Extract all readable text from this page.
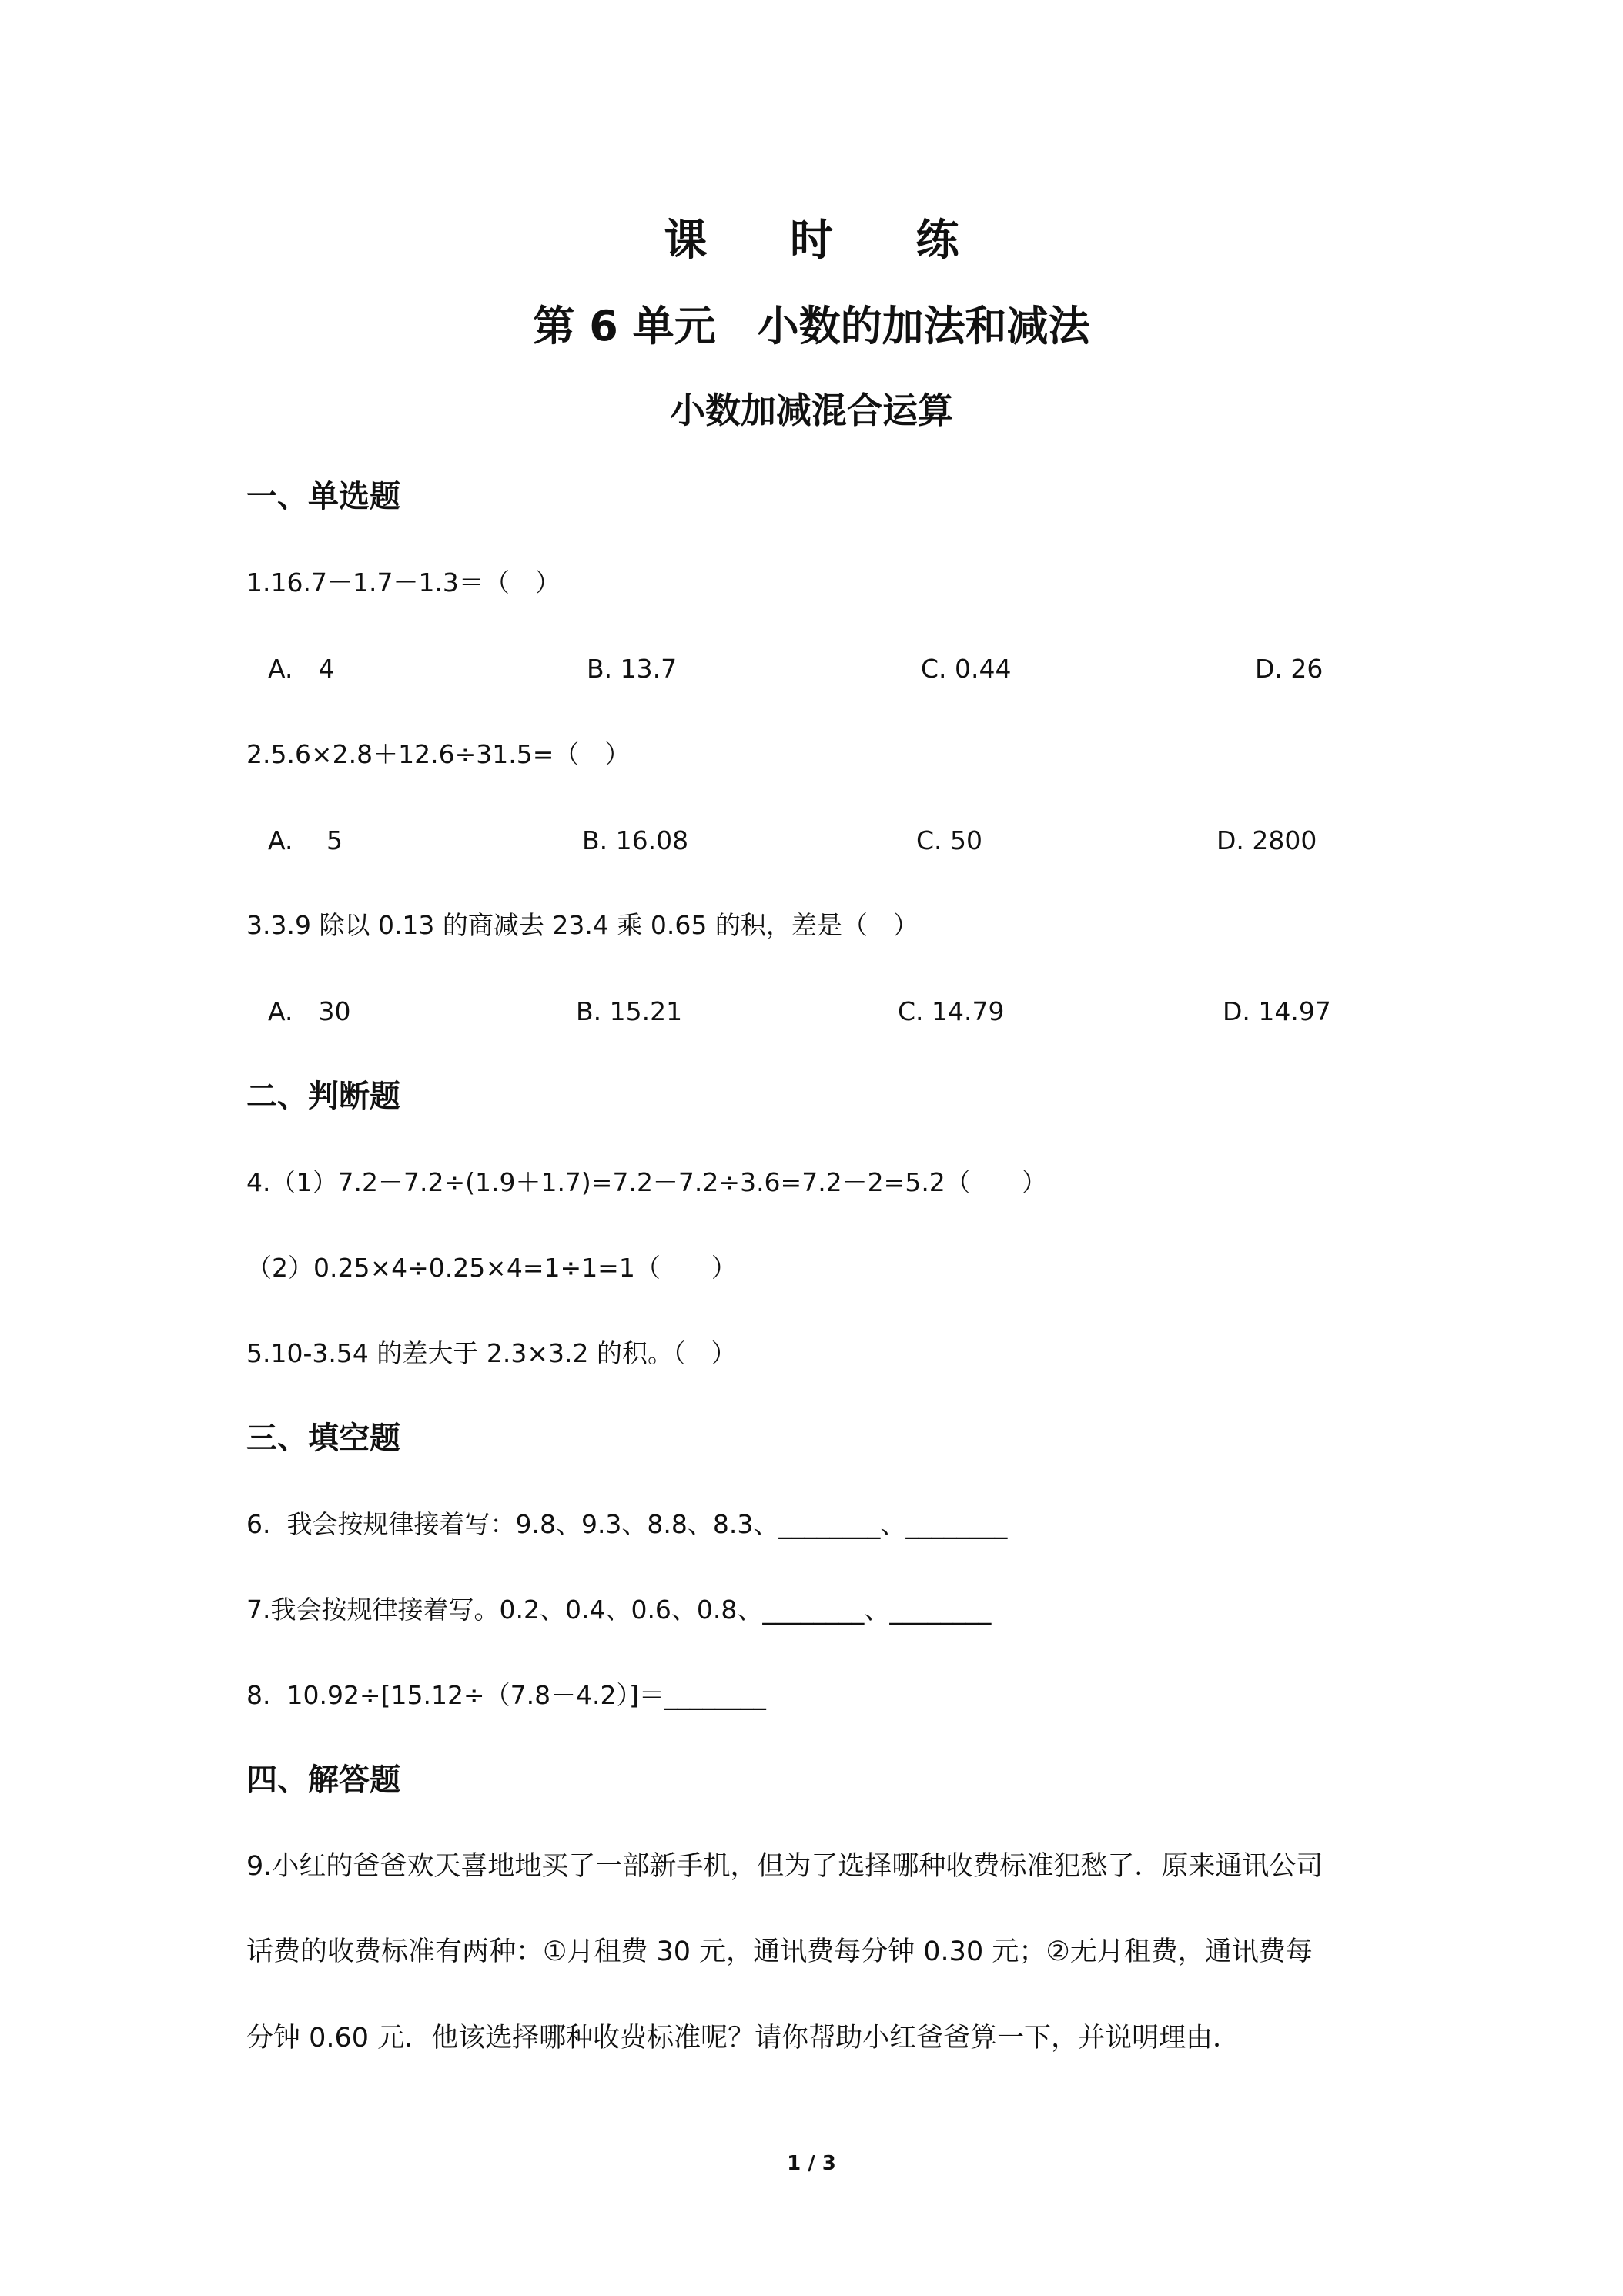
课 时 练
第 6 单元　小数的加法和减法
小数加减混合运算
一、单选题
1.16.7－1.7－1.3＝（　）
A.　4	B. 13.7	C. 0.44	D. 26
2.5.6×2.8＋12.6÷31.5=（　）
A.　 5	B. 16.08	C. 50	D. 2800
3.3.9 除以 0.13 的商减去 23.4 乘 0.65 的积，差是（　）
A.　30	B. 15.21	C. 14.79	D. 14.97
二、判断题
4.（1）7.2－7.2÷(1.9＋1.7)=7.2－7.2÷3.6=7.2－2=5.2（　　）
（2）0.25×4÷0.25×4=1÷1=1（　　）
5.10-3.54 的差大于 2.3×3.2 的积。（　）
三、填空题
6.  我会按规律接着写：9.8、9.3、8.8、8.3、________、________
7.我会按规律接着写。0.2、0.4、0.6、0.8、________、________
8.  10.92÷[15.12÷（7.8－4.2）]＝________
四、解答题
9.小红的爸爸欢天喜地地买了一部新手机，但为了选择哪种收费标准犯愁了．原来通讯公司
话费的收费标准有两种：①月租费 30 元，通讯费每分钟 0.30 元；②无月租费，通讯费每
分钟 0.60 元．他该选择哪种收费标准呢？请你帮助小红爸爸算一下，并说明理由．
1 / 3
